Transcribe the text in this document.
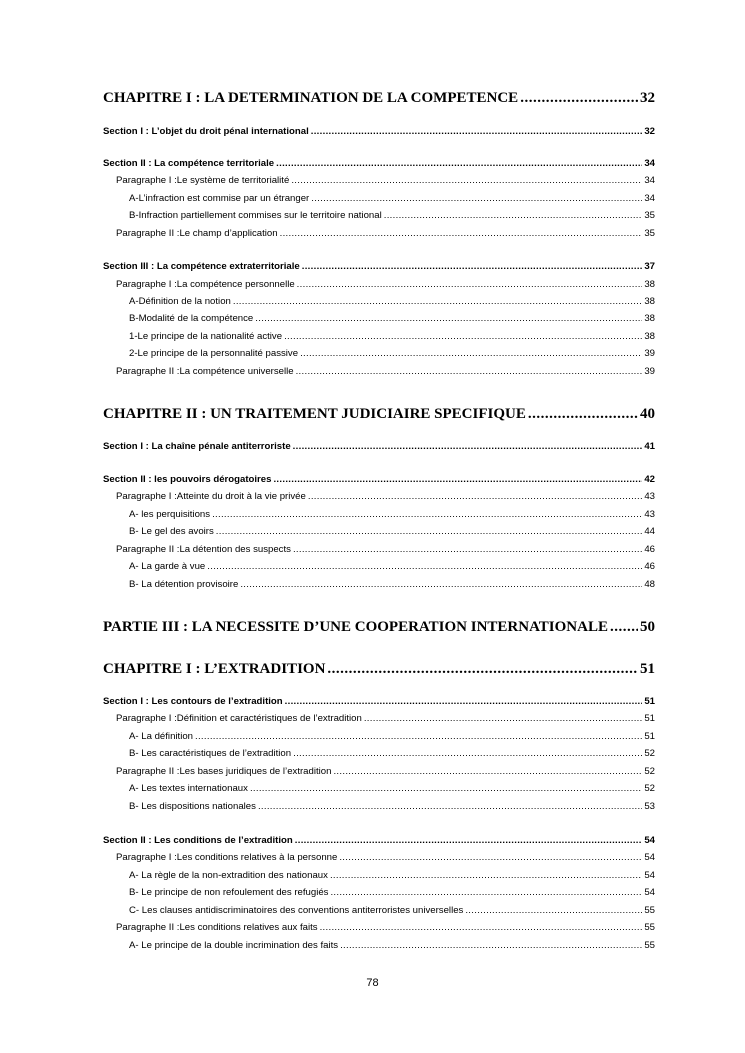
CHAPITRE I : LA DETERMINATION DE LA COMPETENCE .....	32
Section I : L’objet du droit pénal international .....	32
Section II : La compétence territoriale .....	34
Paragraphe I :Le système de territorialité .....	34
A-L’infraction est commise par un étranger .....	34
B-Infraction partiellement commises sur le territoire national .....	35
Paragraphe II :Le champ d’application .....	35
Section III : La compétence extraterritoriale .....	37
Paragraphe I :La compétence personnelle .....	38
A-Définition de la notion .....	38
B-Modalité de la compétence .....	38
1-Le principe de la nationalité active .....	38
2-Le principe de la personnalité passive .....	39
Paragraphe II :La compétence universelle .....	39
CHAPITRE II : UN TRAITEMENT JUDICIAIRE SPECIFIQUE .....	40
Section I : La chaîne pénale antiterroriste .....	41
Section II : les pouvoirs dérogatoires .....	42
Paragraphe I :Atteinte du droit à la vie privée .....	43
A- les perquisitions .....	43
B- Le gel des avoirs .....	44
Paragraphe II :La détention des suspects .....	46
A- La garde à vue .....	46
B- La détention provisoire .....	48
PARTIE III : LA NECESSITE D’UNE COOPERATION INTERNATIONALE ..... 50
CHAPITRE I : L’EXTRADITION .....	51
Section I : Les contours de l’extradition .....	51
Paragraphe I :Définition et caractéristiques de l’extradition .....	51
A- La définition .....	51
B- Les caractéristiques de l’extradition .....	52
Paragraphe II :Les bases juridiques de l’extradition .....	52
A- Les textes internationaux .....	52
B- Les dispositions nationales .....	53
Section II : Les conditions de l’extradition .....	54
Paragraphe I :Les conditions relatives à la personne .....	54
A- La règle de la non-extradition des nationaux .....	54
B- Le principe de non refoulement des refugiés .....	54
C- Les clauses antidiscriminatoires des conventions antiterroristes universelles .....	55
Paragraphe II :Les conditions relatives aux faits .....	55
A- Le principe de la double incrimination des faits .....	55
78
